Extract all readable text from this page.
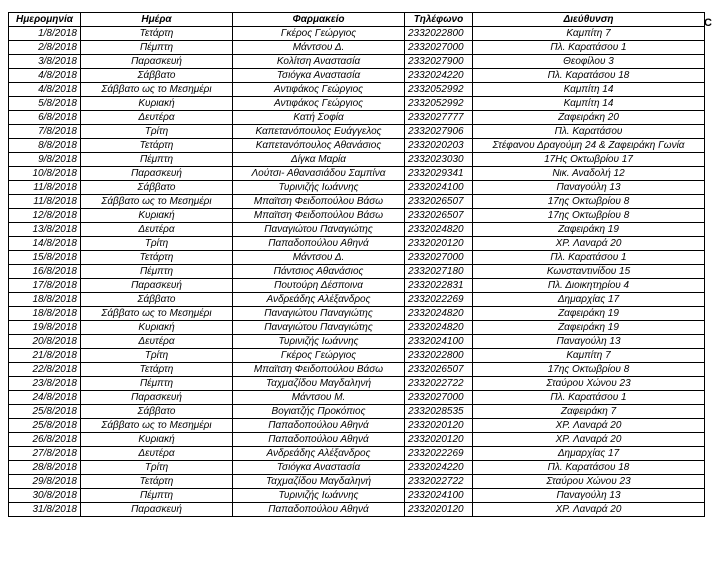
Ημερομηνία	Ημέρα	Φαρμακείο	Τηλέφωνο	Διεύθυνση
1/8/2018	Τετάρτη	Γκέρος Γεώργιος	2332022800	Καμπίτη 7
2/8/2018	Πέμπτη	Μάντσου Δ.	2332027000	Πλ. Καρατάσου 1
3/8/2018	Παρασκευή	Κολίτση Αναστασία	2332027900	Θεοφίλου 3
4/8/2018	Σάββατο	Τσιόγκα Αναστασία	2332024220	Πλ. Καρατάσου 18
4/8/2018	Σάββατο ως το Μεσημέρι	Αντιφάκος Γεώργιος	2332052992	Καμπίτη 14
5/8/2018	Κυριακή	Αντιφάκος Γεώργιος	2332052992	Καμπίτη 14
6/8/2018	Δευτέρα	Κατή Σοφία	2332027777	Ζαφειράκη 20
7/8/2018	Τρίτη	Καπετανόπουλος Ευάγγελος	2332027906	Πλ. Καρατάσου
8/8/2018	Τετάρτη	Καπετανόπουλος Αθανάσιος	2332020203	Στέφανου Δραγούμη 24 & Ζαφειράκη Γωνία
9/8/2018	Πέμπτη	Δίγκα Μαρία	2332023030	17Ης Οκτωβρίου 17
10/8/2018	Παρασκευή	Λούτσι- Αθανασιάδου Σαμπίνα	2332029341	Νικ. Αναδολή 12
11/8/2018	Σάββατο	Τυρινιζής Ιωάννης	2332024100	Παναγούλη 13
11/8/2018	Σάββατο ως το Μεσημέρι	Μπαϊτση Φειδοπούλου Βάσω	2332026507	17ης Οκτωβρίου 8
12/8/2018	Κυριακή	Μπαϊτση Φειδοπούλου Βάσω	2332026507	17ης Οκτωβρίου 8
13/8/2018	Δευτέρα	Παναγιώτου Παναγιώτης	2332024820	Ζαφειράκη 19
14/8/2018	Τρίτη	Παπαδοπούλου Αθηνά	2332020120	ΧΡ. Λαναρά 20
15/8/2018	Τετάρτη	Μάντσου Δ.	2332027000	Πλ. Καρατάσου 1
16/8/2018	Πέμπτη	Πάντσιος Αθανάσιος	2332027180	Κωνσταντινίδου 15
17/8/2018	Παρασκευή	Πουτούρη Δέσποινα	2332022831	Πλ. Διοικητηρίου 4
18/8/2018	Σάββατο	Ανδρεάδης Αλέξανδρος	2332022269	Δημαρχίας 17
18/8/2018	Σάββατο ως το Μεσημέρι	Παναγιώτου Παναγιώτης	2332024820	Ζαφειράκη 19
19/8/2018	Κυριακή	Παναγιώτου Παναγιώτης	2332024820	Ζαφειράκη 19
20/8/2018	Δευτέρα	Τυρινιζής Ιωάννης	2332024100	Παναγούλη 13
21/8/2018	Τρίτη	Γκέρος Γεώργιος	2332022800	Καμπίτη 7
22/8/2018	Τετάρτη	Μπαϊτση Φειδοπούλου Βάσω	2332026507	17ης Οκτωβρίου 8
23/8/2018	Πέμπτη	Ταχμαζίδου Μαγδαληνή	2332022722	Σταύρου Χώνου 23
24/8/2018	Παρασκευή	Μάντσου Μ.	2332027000	Πλ. Καρατάσου 1
25/8/2018	Σάββατο	Βογιατζής Προκόπιος	2332028535	Ζαφειράκη 7
25/8/2018	Σάββατο ως το Μεσημέρι	Παπαδοπούλου Αθηνά	2332020120	ΧΡ. Λαναρά 20
26/8/2018	Κυριακή	Παπαδοπούλου Αθηνά	2332020120	ΧΡ. Λαναρά 20
27/8/2018	Δευτέρα	Ανδρεάδης Αλέξανδρος	2332022269	Δημαρχίας 17
28/8/2018	Τρίτη	Τσιόγκα Αναστασία	2332024220	Πλ. Καρατάσου 18
29/8/2018	Τετάρτη	Ταχμαζίδου Μαγδαληνή	2332022722	Σταύρου Χώνου 23
30/8/2018	Πέμπτη	Τυρινιζής Ιωάννης	2332024100	Παναγούλη 13
31/8/2018	Παρασκευή	Παπαδοπούλου Αθηνά	2332020120	ΧΡ. Λαναρά 20
C
